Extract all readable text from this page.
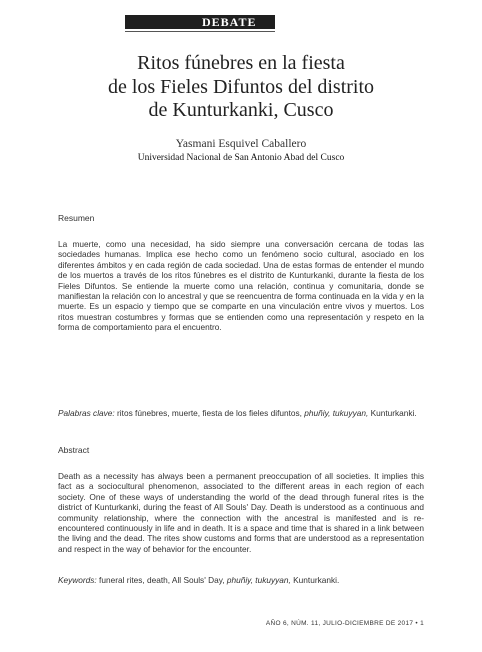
DEBATE
Ritos fúnebres en la fiesta
de los Fieles Difuntos del distrito
de Kunturkanki, Cusco
Yasmani Esquivel Caballero
Universidad Nacional de San Antonio Abad del Cusco
Resumen

La muerte, como una necesidad, ha sido siempre una conversación cercana de todas las sociedades humanas. Implica ese hecho como un fenómeno socio cultural, asociado en los diferentes ámbitos y en cada región de cada sociedad. Una de estas formas de entender el mundo de los muertos a través de los ritos fúnebres es el distrito de Kunturkanki, durante la fiesta de los Fieles Difuntos. Se entiende la muerte como una relación, continua y comunitaria, donde se manifiestan la relación con lo ancestral y que se reencuentra de forma continuada en la vida y en la muerte. Es un espacio y tiempo que se comparte en una vinculación entre vivos y muertos. Los ritos muestran costumbres y formas que se entienden como una representación y respeto en la forma de comportamiento para el encuentro.

Palabras clave: ritos fúnebres, muerte, fiesta de los fieles difuntos, phuñiy, tukuyyan, Kunturkanki.

Abstract

Death as a necessity has always been a permanent preoccupation of all societies. It implies this fact as a sociocultural phenomenon, associated to the different areas in each region of each society. One of these ways of understanding the world of the dead through funeral rites is the district of Kunturkanki, during the feast of All Souls' Day. Death is understood as a continuous and community relationship, where the connection with the ancestral is manifested and is re-encountered continuously in life and in death. It is a space and time that is shared in a link between the living and the dead. The rites show customs and forms that are understood as a representation and respect in the way of behavior for the encounter.

Keywords: funeral rites, death, All Souls' Day, phuñiy, tukuyyan, Kunturkanki.

AÑO 6, NÚM. 11, JULIO-DICIEMBRE DE 2017 • 1
